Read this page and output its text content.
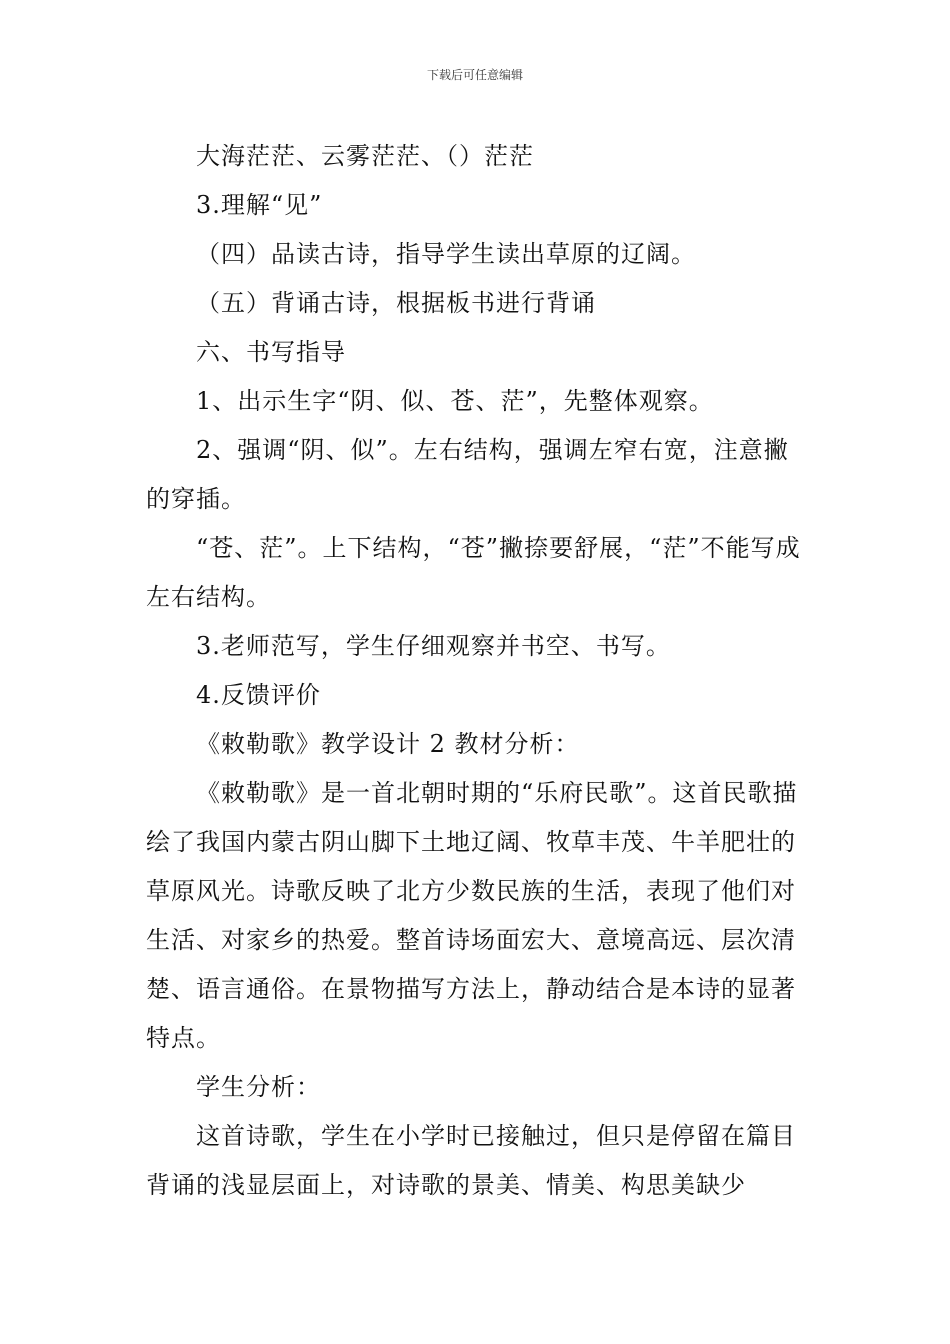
下载后可任意编辑

大海茫茫、云雾茫茫、（）茫茫

3.理解“见”

（四）品读古诗，指导学生读出草原的辽阔。

（五）背诵古诗，根据板书进行背诵

六、书写指导

1、出示生字“阴、似、苍、茫”，先整体观察。

2、强调“阴、似”。左右结构，强调左窄右宽，注意撇的穿插。

“苍、茫”。上下结构，“苍”撇捺要舒展，“茫”不能写成左右结构。

3.老师范写，学生仔细观察并书空、书写。

4.反馈评价

《敕勒歌》教学设计 2 教材分析：

《敕勒歌》是一首北朝时期的“乐府民歌”。这首民歌描绘了我国内蒙古阴山脚下土地辽阔、牧草丰茂、牛羊肥壮的草原风光。诗歌反映了北方少数民族的生活，表现了他们对生活、对家乡的热爱。整首诗场面宏大、意境高远、层次清楚、语言通俗。在景物描写方法上，静动结合是本诗的显著特点。

学生分析：

这首诗歌，学生在小学时已接触过，但只是停留在篇目背诵的浅显层面上，对诗歌的景美、情美、构思美缺少
